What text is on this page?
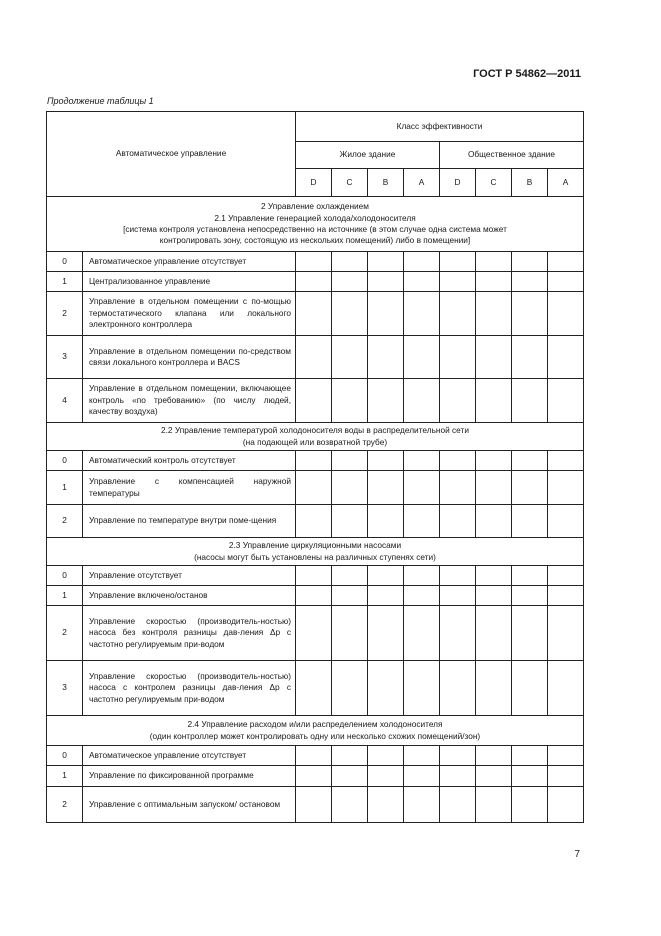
ГОСТ Р 54862—2011
Продолжение таблицы 1
Автоматическое управление		Класс эффективности							
		Жилое здание				Общественное здание			
		D	C	B	A	D	C	B	A

2 Управление охлаждением
2.1 Управление генерацией холода/холодоносителя
[система контроля установлена непосредственно на источнике (в этом случае одна система может
контролировать зону, состоящую из нескольких помещений) либо в помещении]									

0	Автоматическое управление отсутствует								
1	Централизованное управление								
2	Управление в отдельном помещении с по-мощью термостатического клапана или локального электронного контроллера								
3	Управление в отдельном помещении по-средством связи локального контроллера и BACS								
4	Управление в отдельном помещении, включающее контроль «по требованию» (по числу людей, качеству воздуха)								

2.2 Управление температурой холодоносителя воды в распределительной сети
(на подающей или возвратной трубе)									

0	Автоматический контроль отсутствует								
1	Управление с компенсацией наружной температуры								
2	Управление по температуре внутри поме-щения								

2.3 Управление циркуляционными насосами
(насосы могут быть установлены на различных ступенях сети)									

0	Управление отсутствует								
1	Управление включено/останов								
2	Управление скоростью (производитель-ностью) насоса без контроля разницы дав-ления Δp с частотно регулируемым при-водом								
3	Управление скоростью (производитель-ностью) насоса с контролем разницы дав-ления Δp с частотно регулируемым при-водом								

2.4 Управление расходом и/или распределением холодоносителя
(один контроллер может контролировать одну или несколько схожих помещений/зон)									

0	Автоматическое управление отсутствует								
1	Управление по фиксированной программе								
2	Управление с оптимальным запуском/ остановом								
7
